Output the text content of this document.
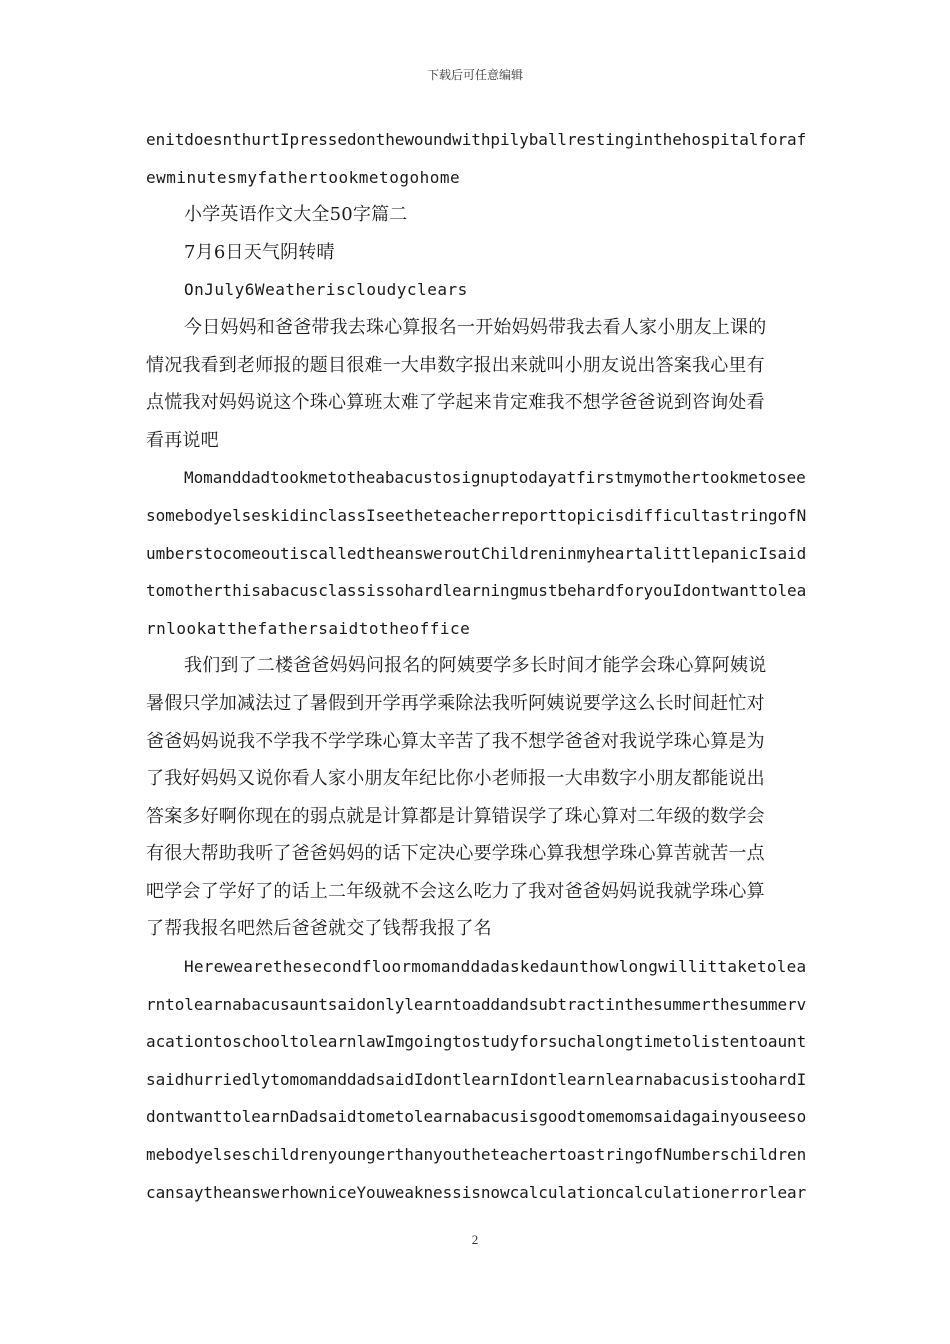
下载后可任意编辑
enitdoesnthurtIpressedonthewoundwithpilyballrestinginthehospitalforaf
ewminutesmyfathertookmetogohome
小学英语作文大全50字篇二
7月6日天气阴转晴
OnJuly6Weatheriscloudyclears
今日妈妈和爸爸带我去珠心算报名一开始妈妈带我去看人家小朋友上课的
情况我看到老师报的题目很难一大串数字报出来就叫小朋友说出答案我心里有
点慌我对妈妈说这个珠心算班太难了学起来肯定难我不想学爸爸说到咨询处看
看再说吧
Momanddadtookmetotheabacustosignuptodayatfirstmymothertookmetosee
somebodyelseskidinclassIseetheteacherreporttopicisdifficultastringofN
umberstocomeoutiscalledtheansweroutChildreninmyheartalittlepanicIsaid
tomotherthisabacusclassissohardlearningmustbehardforyouIdontwanttolea
rnlookatthefathersaidtotheoffice
我们到了二楼爸爸妈妈问报名的阿姨要学多长时间才能学会珠心算阿姨说
暑假只学加减法过了暑假到开学再学乘除法我听阿姨说要学这么长时间赶忙对
爸爸妈妈说我不学我不学学珠心算太辛苦了我不想学爸爸对我说学珠心算是为
了我好妈妈又说你看人家小朋友年纪比你小老师报一大串数字小朋友都能说出
答案多好啊你现在的弱点就是计算都是计算错误学了珠心算对二年级的数学会
有很大帮助我听了爸爸妈妈的话下定决心要学珠心算我想学珠心算苦就苦一点
吧学会了学好了的话上二年级就不会这么吃力了我对爸爸妈妈说我就学珠心算
了帮我报名吧然后爸爸就交了钱帮我报了名
Herewearethesecondfloormomanddadaskedaunthowlongwillittaketolea
rntolearnabacusauntsaidonlylearntoaddandsubtractinthesummerthesummerv
acationtoschooltolearnlawImgoingtostudyforsuchalongtimetolistentoaunt
saidhurriedlytomomanddadsaidIdontlearnIdontlearnlearnabacusistoohardI
dontwanttolearnDadsaidtometolearnabacusisgoodtomemomsaidagainyouseeso
mebodyelseschildrenyoungerthanyoutheteachertoastringofNumberschildren
cansaytheanswerhowniceYouweaknessisnowcalculationcalculationerrorlear
2
